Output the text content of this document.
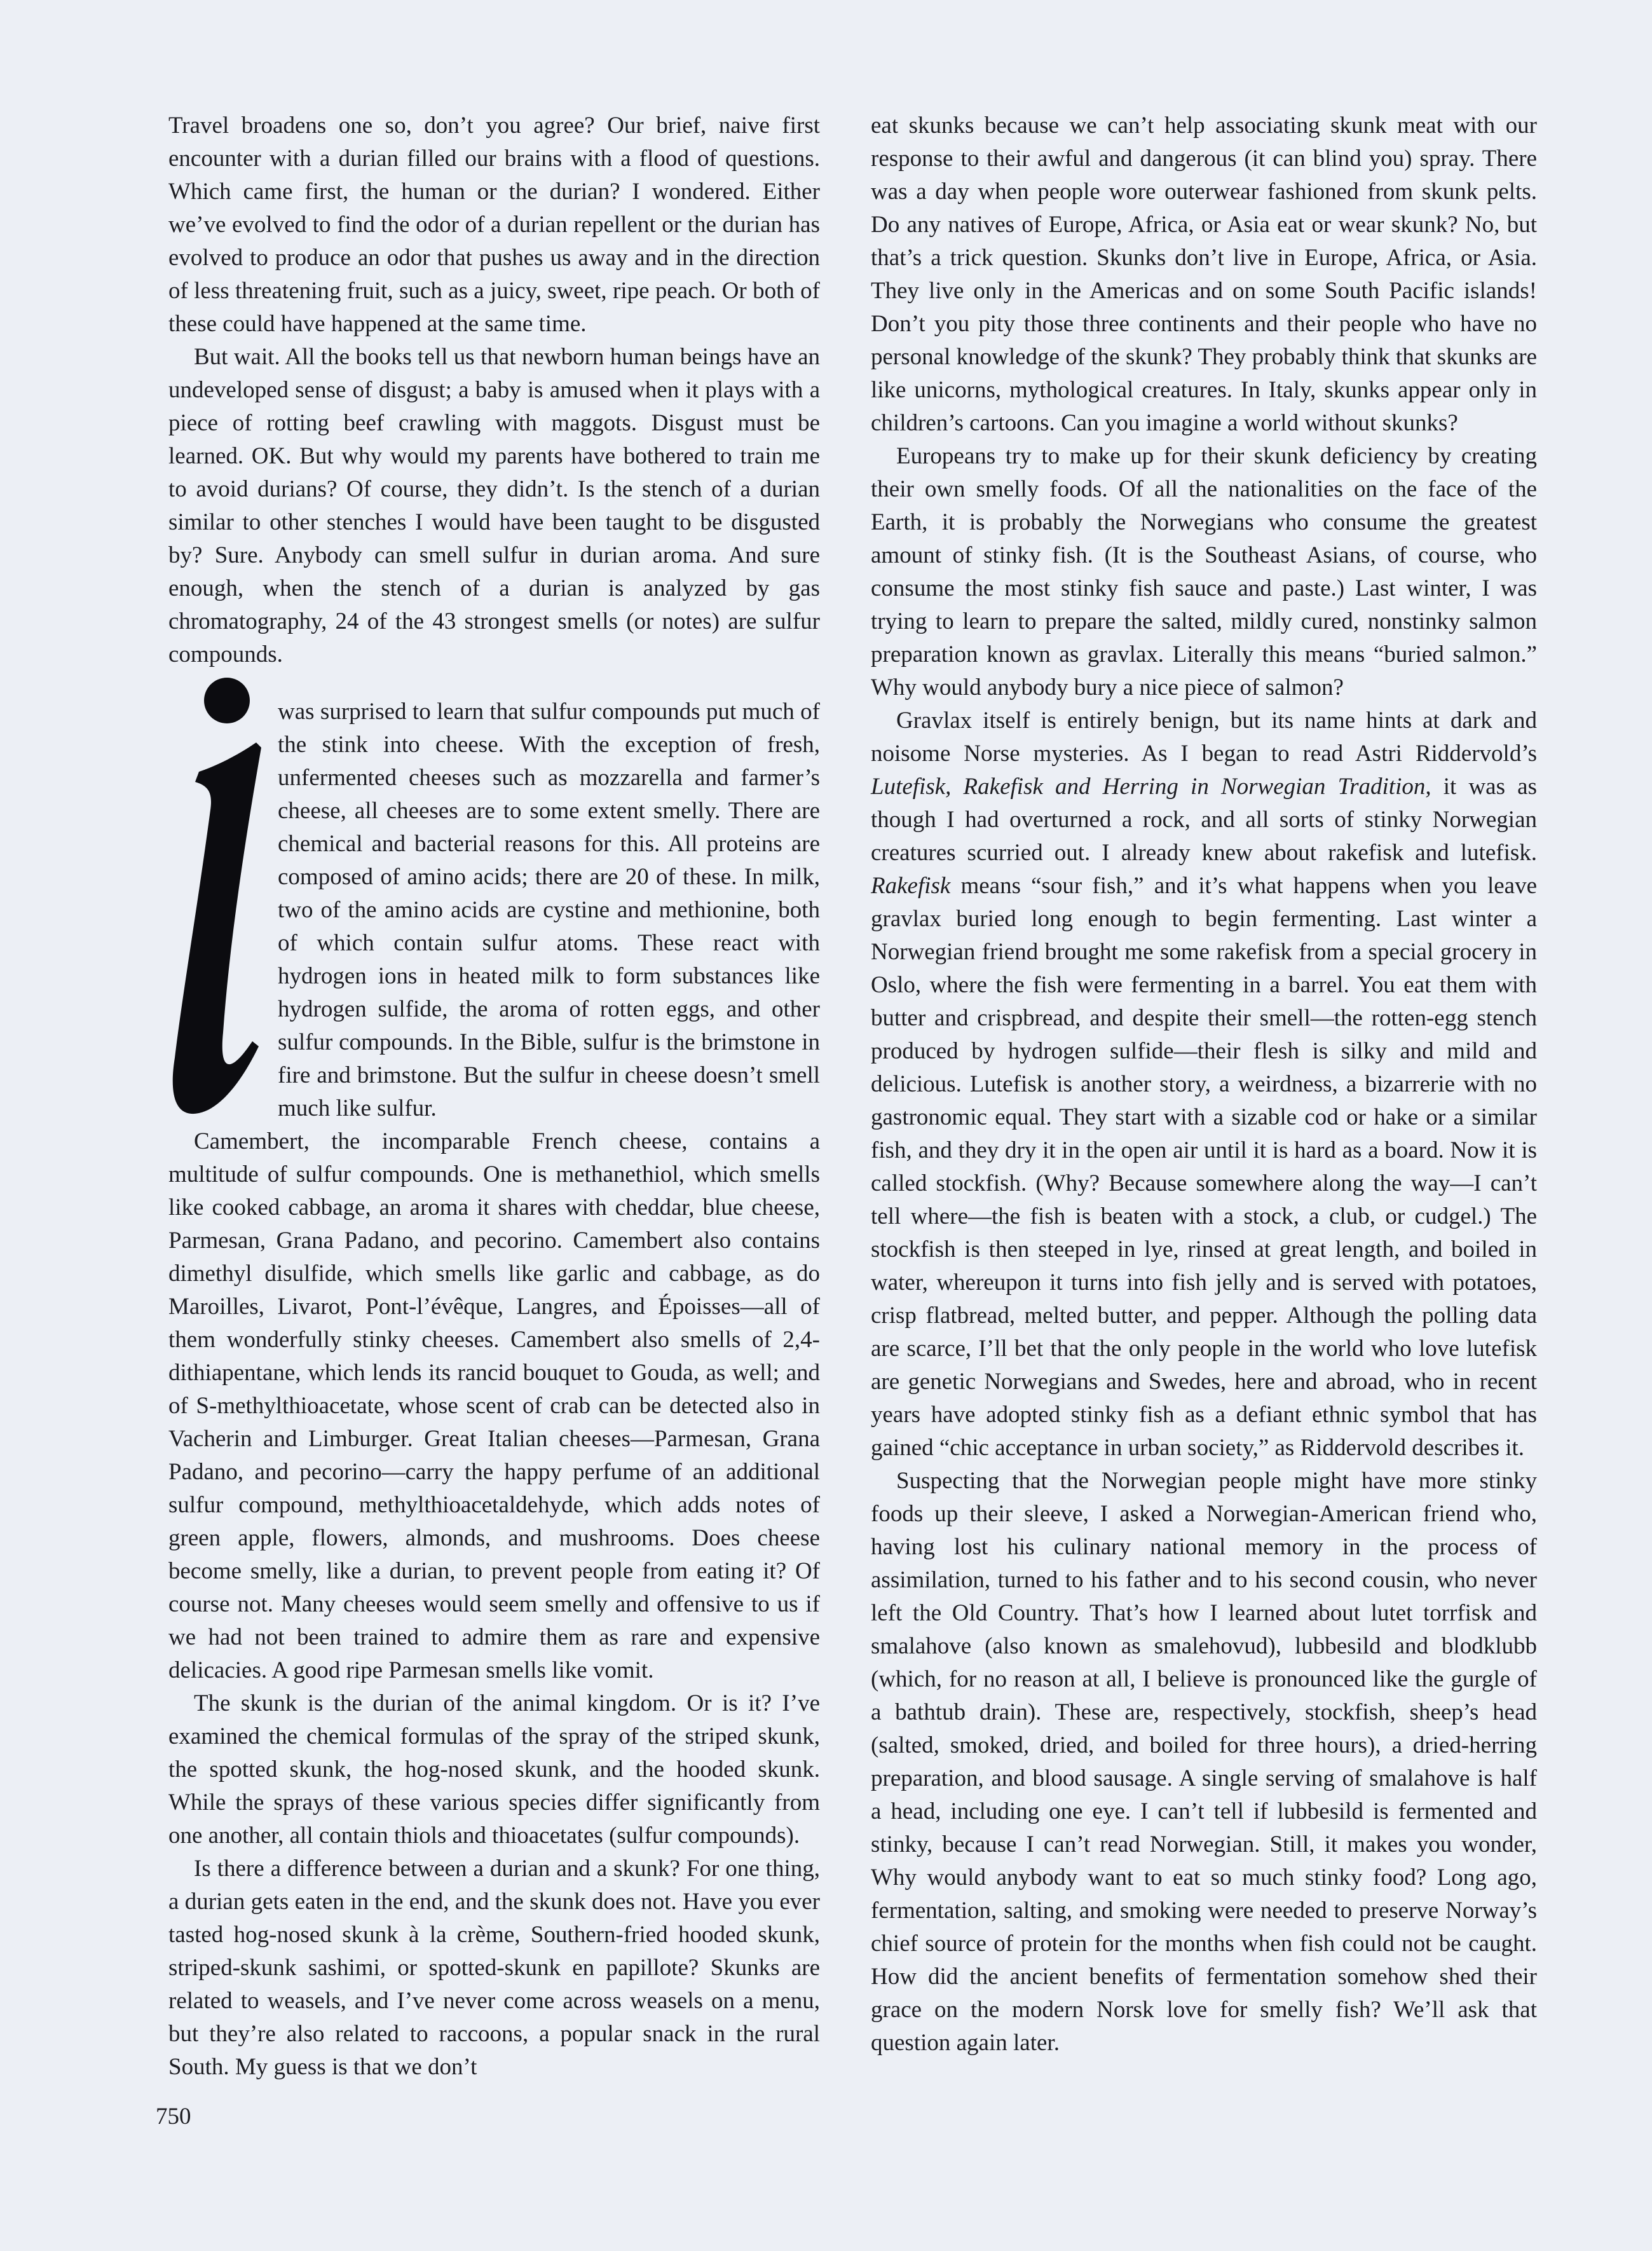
Travel broadens one so, don’t you agree? Our brief, naive first encounter with a durian filled our brains with a flood of questions. Which came first, the human or the durian? I wondered. Either we’ve evolved to find the odor of a durian repellent or the durian has evolved to produce an odor that pushes us away and in the direction of less threatening fruit, such as a juicy, sweet, ripe peach. Or both of these could have happened at the same time.

But wait. All the books tell us that newborn human beings have an undeveloped sense of disgust; a baby is amused when it plays with a piece of rotting beef crawling with maggots. Disgust must be learned. OK. But why would my parents have bothered to train me to avoid durians? Of course, they didn’t. Is the stench of a durian similar to other stenches I would have been taught to be disgusted by? Sure. Anybody can smell sulfur in durian aroma. And sure enough, when the stench of a durian is analyzed by gas chromatography, 24 of the 43 strongest smells (or notes) are sulfur compounds.

was surprised to learn that sulfur compounds put much of the stink into cheese. With the exception of fresh, unfermented cheeses such as mozzarella and farmer’s cheese, all cheeses are to some extent smelly. There are chemical and bacterial reasons for this. All proteins are composed of amino acids; there are 20 of these. In milk, two of the amino acids are cystine and methionine, both of which contain sulfur atoms. These react with hydrogen ions in heated milk to form substances like hydrogen sulfide, the aroma of rotten eggs, and other sulfur compounds. In the Bible, sulfur is the brimstone in fire and brimstone. But the sulfur in cheese doesn’t smell much like sulfur.

Camembert, the incomparable French cheese, contains a multitude of sulfur compounds. One is methanethiol, which smells like cooked cabbage, an aroma it shares with cheddar, blue cheese, Parmesan, Grana Padano, and pecorino. Camembert also contains dimethyl disulfide, which smells like garlic and cabbage, as do Maroilles, Livarot, Pont-l’évêque, Langres, and Époisses—all of them wonderfully stinky cheeses. Camembert also smells of 2,4-dithiapentane, which lends its rancid bouquet to Gouda, as well; and of S-methylthioacetate, whose scent of crab can be detected also in Vacherin and Limburger. Great Italian cheeses—Parmesan, Grana Padano, and pecorino—carry the happy perfume of an additional sulfur compound, methylthioacetaldehyde, which adds notes of green apple, flowers, almonds, and mushrooms. Does cheese become smelly, like a durian, to prevent people from eating it? Of course not. Many cheeses would seem smelly and offensive to us if we had not been trained to admire them as rare and expensive delicacies. A good ripe Parmesan smells like vomit.

The skunk is the durian of the animal kingdom. Or is it? I’ve examined the chemical formulas of the spray of the striped skunk, the spotted skunk, the hog-nosed skunk, and the hooded skunk. While the sprays of these various species differ significantly from one another, all contain thiols and thioacetates (sulfur compounds).

Is there a difference between a durian and a skunk? For one thing, a durian gets eaten in the end, and the skunk does not. Have you ever tasted hog-nosed skunk à la crème, Southern-fried hooded skunk, striped-skunk sashimi, or spotted-skunk en papillote? Skunks are related to weasels, and I’ve never come across weasels on a menu, but they’re also related to raccoons, a popular snack in the rural South. My guess is that we don’t

eat skunks because we can’t help associating skunk meat with our response to their awful and dangerous (it can blind you) spray. There was a day when people wore outerwear fashioned from skunk pelts. Do any natives of Europe, Africa, or Asia eat or wear skunk? No, but that’s a trick question. Skunks don’t live in Europe, Africa, or Asia. They live only in the Americas and on some South Pacific islands! Don’t you pity those three continents and their people who have no personal knowledge of the skunk? They probably think that skunks are like unicorns, mythological creatures. In Italy, skunks appear only in children’s cartoons. Can you imagine a world without skunks?

Europeans try to make up for their skunk deficiency by creating their own smelly foods. Of all the nationalities on the face of the Earth, it is probably the Norwegians who consume the greatest amount of stinky fish. (It is the Southeast Asians, of course, who consume the most stinky fish sauce and paste.) Last winter, I was trying to learn to prepare the salted, mildly cured, nonstinky salmon preparation known as gravlax. Literally this means “buried salmon.” Why would anybody bury a nice piece of salmon?

Gravlax itself is entirely benign, but its name hints at dark and noisome Norse mysteries. As I began to read Astri Riddervold’s Lutefisk, Rakefisk and Herring in Norwegian Tradition, it was as though I had overturned a rock, and all sorts of stinky Norwegian creatures scurried out. I already knew about rakefisk and lutefisk. Rakefisk means “sour fish,” and it’s what happens when you leave gravlax buried long enough to begin fermenting. Last winter a Norwegian friend brought me some rakefisk from a special grocery in Oslo, where the fish were fermenting in a barrel. You eat them with butter and crispbread, and despite their smell—the rotten-egg stench produced by hydrogen sulfide—their flesh is silky and mild and delicious. Lutefisk is another story, a weirdness, a bizarrerie with no gastronomic equal. They start with a sizable cod or hake or a similar fish, and they dry it in the open air until it is hard as a board. Now it is called stockfish. (Why? Because somewhere along the way—I can’t tell where—the fish is beaten with a stock, a club, or cudgel.) The stockfish is then steeped in lye, rinsed at great length, and boiled in water, whereupon it turns into fish jelly and is served with potatoes, crisp flatbread, melted butter, and pepper. Although the polling data are scarce, I’ll bet that the only people in the world who love lutefisk are genetic Norwegians and Swedes, here and abroad, who in recent years have adopted stinky fish as a defiant ethnic symbol that has gained “chic acceptance in urban society,” as Riddervold describes it.

Suspecting that the Norwegian people might have more stinky foods up their sleeve, I asked a Norwegian-American friend who, having lost his culinary national memory in the process of assimilation, turned to his father and to his second cousin, who never left the Old Country. That’s how I learned about lutet torrfisk and smalahove (also known as smalehovud), lubbesild and blodklubb (which, for no reason at all, I believe is pronounced like the gurgle of a bathtub drain). These are, respectively, stockfish, sheep’s head (salted, smoked, dried, and boiled for three hours), a dried-herring preparation, and blood sausage. A single serving of smalahove is half a head, including one eye. I can’t tell if lubbesild is fermented and stinky, because I can’t read Norwegian. Still, it makes you wonder, Why would anybody want to eat so much stinky food? Long ago, fermentation, salting, and smoking were needed to preserve Norway’s chief source of protein for the months when fish could not be caught. How did the ancient benefits of fermentation somehow shed their grace on the modern Norsk love for smelly fish? We’ll ask that question again later.

750
